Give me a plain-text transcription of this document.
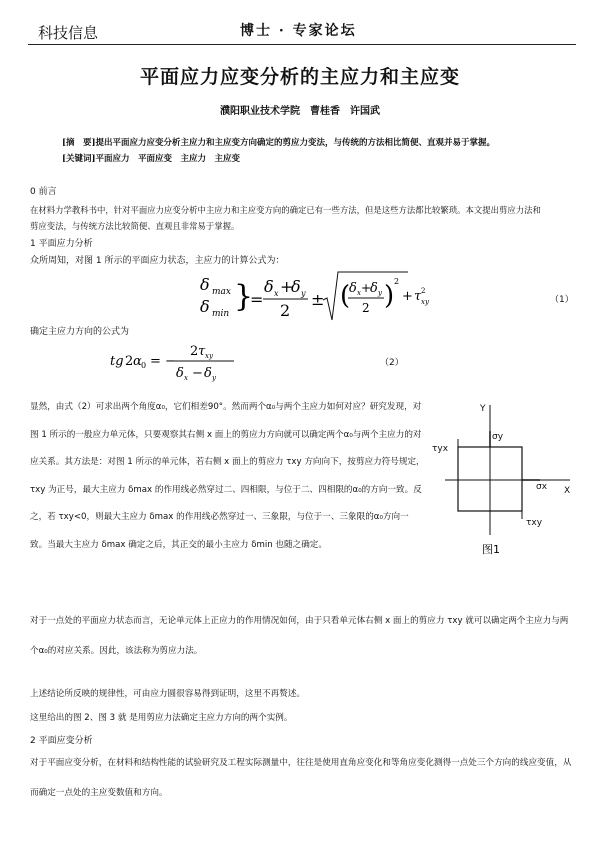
科技信息	博士 · 专家论坛
平面应力应变分析的主应力和主应变
濮阳职业技术学院　曹桂香　许国武
[摘　要]提出平面应力应变分析主应力和主应变方向确定的剪应力变法，与传统的方法相比简便、直观并易于掌握。
[关键词]平面应力　平面应变　主应力　主应变
0 前言
在材料力学教科书中，针对平面应力应变分析中主应力和主应变方向的确定已有一些方法，但是这些方法都比较繁琐。本文提出剪应力法和
剪应变法，与传统方法比较简便、直观且非常易于掌握。
1 平面应力分析
众所周知，对图 1 所示的平面应力状态，主应力的计算公式为：
δ max
δ min }
=
δ x +
δ y
2
± (
δ x +
δ y
2 ) 2
+ τ xy
2
（1）
确定主应力方向的公式为
tg 2 α 0 = −
2 τ xy
δ x − δ y
（2）
显然，由式（2）可求出两个角度α₀，它们相差90°。然而两个α₀与两个主应力如何对应？研究发现，对图 1 所示的一般应力单元体，只要观察其右侧 x 面上的剪应力方向就可以确定两个α₀与两个主应力的对应关系。其方法是：对图 1 所示的单元体，若右侧 x 面上的剪应力 τxy 方向向下，按剪应力符号规定，τxy 为正号，最大主应力 δmax 的作用线必然穿过二、四相限，与位于二、四相限的α₀的方向一致。反之，若 τxy<0，则最大主应力 δmax 的作用线必然穿过一、三象限，与位于一、三象限的α₀方向一致。当最大主应力 δmax 确定之后，其正交的最小主应力 δmin 也随之确定。
Y
X
σy
σx
τyx
τxy
图1
对于一点处的平面应力状态而言，无论单元体上正应力的作用情况如何，由于只看单元体右侧 x 面上的剪应力 τxy 就可以确定两个主应力与两个α₀的对应关系。因此，该法称为剪应力法。
上述结论所反映的规律性，可由应力圆很容易得到证明，这里不再赘述。
这里给出的图 2、图 3 就 是用剪应力法确定主应力方向的两个实例。
2 平面应变分析
对于平面应变分析，在材料和结构性能的试验研究及工程实际测量中，往往是使用直角应变化和等角应变化测得一点处三个方向的线应变值，从而确定一点处的主应变数值和方向。
